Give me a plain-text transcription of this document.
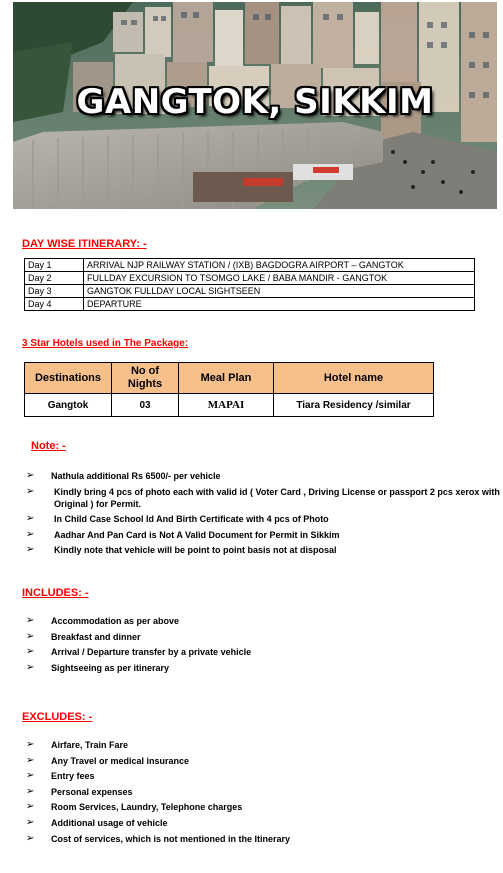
GANGTOK, SIKKIM
DAY WISE ITINERARY: -
Day 1	ARRIVAL NJP RAILWAY STATION / (IXB) BAGDOGRA AIRPORT – GANGTOK
Day 2	FULLDAY EXCURSION TO TSOMGO LAKE / BABA MANDIR - GANGTOK
Day 3	GANGTOK FULLDAY LOCAL SIGHTSEEN
Day 4	DEPARTURE
3 Star Hotels used in The Package:
Destinations	No of Nights	Meal Plan	Hotel name
Gangtok	03	MAPAI	Tiara Residency /similar
Note: -
➢ Nathula additional Rs 6500/- per vehicle
➢ Kindly bring 4 pcs of photo each with valid id ( Voter Card , Driving License or passport 2 pcs xerox with Original ) for Permit.
➢ In Child Case School Id And Birth Certificate with 4 pcs of Photo
➢ Aadhar And Pan Card is Not A Valid Document for Permit in Sikkim
➢ Kindly note that vehicle will be point to point basis not at disposal
INCLUDES: -
➢ Accommodation as per above
➢ Breakfast and dinner
➢ Arrival / Departure transfer by a private vehicle
➢ Sightseeing as per itinerary
EXCLUDES: -
➢ Airfare, Train Fare
➢ Any Travel or medical insurance
➢ Entry fees
➢ Personal expenses
➢ Room Services, Laundry, Telephone charges
➢ Additional usage of vehicle
➢ Cost of services, which is not mentioned in the Itinerary
